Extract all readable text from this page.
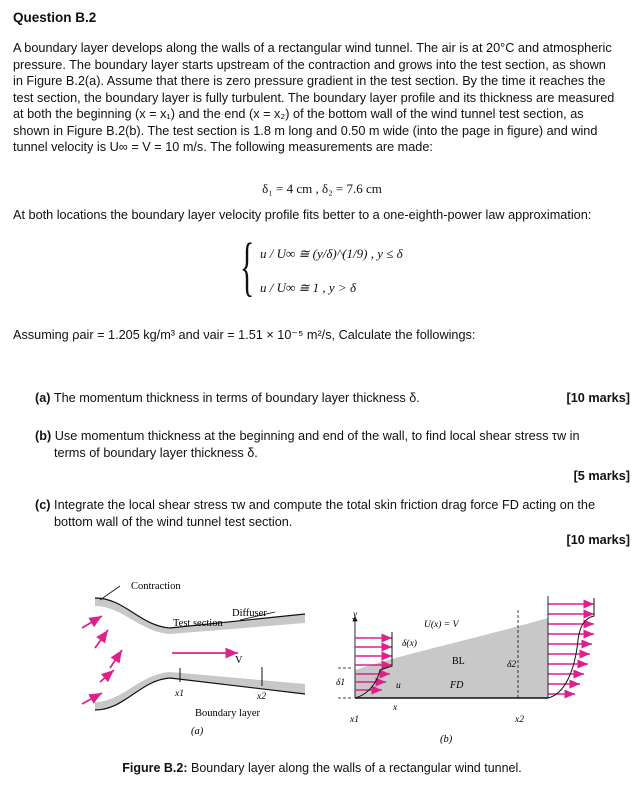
Question B.2

A boundary layer develops along the walls of a rectangular wind tunnel. The air is at 20°C and atmospheric

pressure. The boundary layer starts upstream of the contraction and grows into the test section, as shown

in Figure B.2(a). Assume that there is zero pressure gradient in the test section. By the time it reaches the

test section, the boundary layer is fully turbulent. The boundary layer profile and its thickness are measured

at both the beginning (x = x₁) and the end (x = x₂) of the bottom wall of the wind tunnel test section, as

shown in Figure B.2(b). The test section is 1.8 m long and 0.50 m wide (into the page in figure) and wind

tunnel velocity is U∞ = V = 10 m/s. The following measurements are made:

δ₁ = 4 cm , δ₂ = 7.6 cm
At both locations the boundary layer velocity profile fits better to a one-eighth-power law approximation:
{ u / U∞ ≅ (y/δ)^(1/9) , y ≤ δ
u / U∞ ≅ 1 , y > δ
Assuming ρair = 1.205 kg/m³ and νair = 1.51 × 10⁻⁵ m²/s, Calculate the followings:
(a) The momentum thickness in terms of boundary layer thickness δ.	[10 marks]
(b) Use momentum thickness at the beginning and end of the wall, to find local shear stress τw in
terms of boundary layer thickness δ.
[5 marks]
(c) Integrate the local shear stress τw and compute the total skin friction drag force FD acting on the
bottom wall of the wind tunnel test section.
[10 marks]
Contraction
Diffuser
Test section
V
x1	x2
Boundary layer
(a)
y
δ(x)
U(x) = V
BL
FD
δ1
δ2
u
x
x1	x2
(b)
Figure B.2: Boundary layer along the walls of a rectangular wind tunnel.
